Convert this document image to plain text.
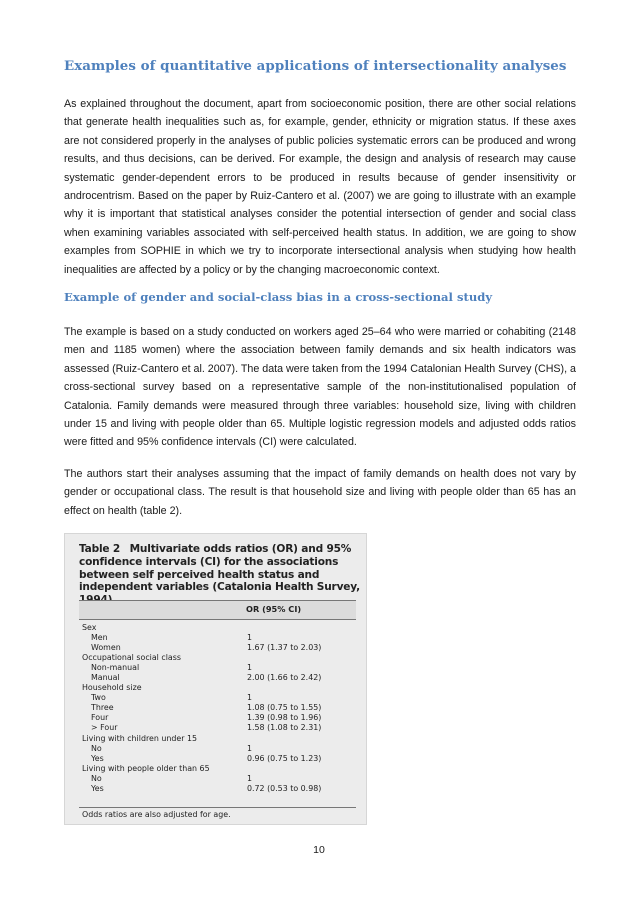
Examples of quantitative applications of intersectionality analyses

As explained throughout the document, apart from socioeconomic position, there are other social relations that generate health inequalities such as, for example, gender, ethnicity or migration status. If these axes are not considered properly in the analyses of public policies systematic errors can be produced and wrong results, and thus decisions, can be derived. For example, the design and analysis of research may cause systematic gender-dependent errors to be produced in results because of gender insensitivity or androcentrism. Based on the paper by Ruiz-Cantero et al. (2007) we are going to illustrate with an example why it is important that statistical analyses consider the potential intersection of gender and social class when examining variables associated with self-perceived health status. In addition, we are going to show examples from SOPHIE in which we try to incorporate intersectional analysis when studying how health inequalities are affected by a policy or by the changing macroeconomic context.

Example of gender and social-class bias in a cross-sectional study

The example is based on a study conducted on workers aged 25–64 who were married or cohabiting (2148 men and 1185 women) where the association between family demands and six health indicators was assessed (Ruiz-Cantero et al. 2007). The data were taken from the 1994 Catalonian Health Survey (CHS), a cross-sectional survey based on a representative sample of the non-institutionalised population of Catalonia. Family demands were measured through three variables: household size, living with children under 15 and living with people older than 65. Multiple logistic regression models and adjusted odds ratios were fitted and 95% confidence intervals (CI) were calculated.

The authors start their analyses assuming that the impact of family demands on health does not vary by gender or occupational class. The result is that household size and living with people older than 65 has an effect on health (table 2).

Table 2 Multivariate odds ratios (OR) and 95% confidence intervals (CI) for the associations between self perceived health status and independent variables (Catalonia Health Survey,
OR (95% CI)
Sex
Men	1
Women	1.67 (1.37 to 2.03)
Occupational social class
Non-manual	1
Manual	2.00 (1.66 to 2.42)
Household size
Two	1
Three	1.08 (0.75 to 1.55)
Four	1.39 (0.98 to 1.96)
> Four	1.58 (1.08 to 2.31)
Living with children under 15
No	1
Yes	0.96 (0.75 to 1.23)
Living with people older than 65
No	1
Yes	0.72 (0.53 to 0.98)
Odds ratios are also adjusted for age.
10
